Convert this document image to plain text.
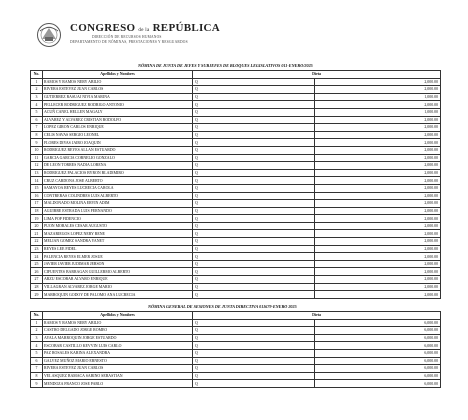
CONGRESO de la REPÚBLICA
DIRECCIÓN DE RECURSOS HUMANOS
DEPARTAMENTO DE NÓMINAS, PRESTACIONES Y RESGUARDOS
NÓMINA DE JUNTA DE JEFES Y SUBJEFES DE BLOQUES LEGISLATIVOS 011-ENERO/2025
No.	Apellidos y Nombres	Dieta	
1	RAMOS Y RAMOS NERY ABILIO	Q	2,000.00
2	RIVERA ESTEVEZ JUAN CARLOS	Q	2,000.00
3	GUTIERREZ RASUAJ NIVIA MARINA	Q	1,000.00
4	PELLECER RODRIGUEZ RODRIGO ANTONIO	Q	2,000.00
5	ACUÑ CANEL HELLEN MAGALY	Q	1,000.00
6	ALVAREZ Y ALVAREZ CRISTIAN RODOLFO	Q	2,000.00
7	LOPEZ GIRON CARLOS ENRIQUE	Q	2,000.00
8	CELIS NAVAS SERGIO LEONEL	Q	2,000.00
9	FLORES DIVAS JAIRO JOAQUIN	Q	2,000.00
10	RODRIGUEZ REYES ALLAN ESTUARDO	Q	2,000.00
11	GARCIA GARCIA CORNELIO GONZALO	Q	2,000.00
12	DE LEON TORRES NADIA LORENA	Q	2,000.00
13	RODRIGUEZ PALACIOS BYRON BLADIMIRO	Q	2,000.00
14	CRUZ CARDONA JOSE ALBERTO	Q	2,000.00
15	SAMAYOA REYES LUCRECIA CAROLA	Q	2,000.00
16	CONTRERAS COLINDRES LUIS ALBERTO	Q	2,000.00
17	MALDONADO MOLINA ERVIN ADIM	Q	2,000.00
18	AGUIRRE ESTRADA LUIS FERNANDO	Q	2,000.00
19	LIMA POP FIDENCIO	Q	2,000.00
20	PUON MORALES CESAR AUGUSTO	Q	2,000.00
21	MAZARIEGOS LOPEZ NERY RENE	Q	2,000.00
22	MELIAN GOMEZ SANDRA YANET	Q	2,000.00
23	REYES LEE FIDEL	Q	2,000.00
24	PALENCIA REYES ELMER JOSUE	Q	2,000.00
25	JAVIER JAVIER JUDIMAR JERSON	Q	2,000.00
26	CIFUENTES BARRAGAN GUILLERMO ALBERTO	Q	2,000.00
27	ARZU ESCOBAR ALVARO ENRIQUE	Q	2,000.00
28	VILLAGRAN ALVAREZ JORGE MARIO	Q	2,000.00
29	MARROQUIN GODOY DE PALOMO ANA LUCRECIA	Q	2,000.00
NÓMINA GENERAL DE SESIONES DE JUNTA DIRECTIVA 011679-ENERO 2025
No.	Apellidos y Nombres	Dieta	
1	RAMOS Y RAMOS NERY ABILIO	Q	6,000.00
2	CASTRO DELGADO JORGE ROMEO	Q	6,000.00
3	AYALA MARROQUIN JORGE ESTUARDO	Q	6,000.00
4	ESCOBAR CASTILLO KEVVIN LUIS CARLO	Q	6,000.00
5	PAZ ROSALES KARINA ALEXANDRA	Q	6,000.00
6	GALVEZ MUÑOZ MARIO ERNESTO	Q	6,000.00
7	RIVERA ESTEVEZ JUAN CARLOS	Q	6,000.00
8	VELASQUEZ BAMACA SABINO SEBASTIAN	Q	6,000.00
9	MENDOZA FRANCO JOSE PABLO	Q	6,000.00
